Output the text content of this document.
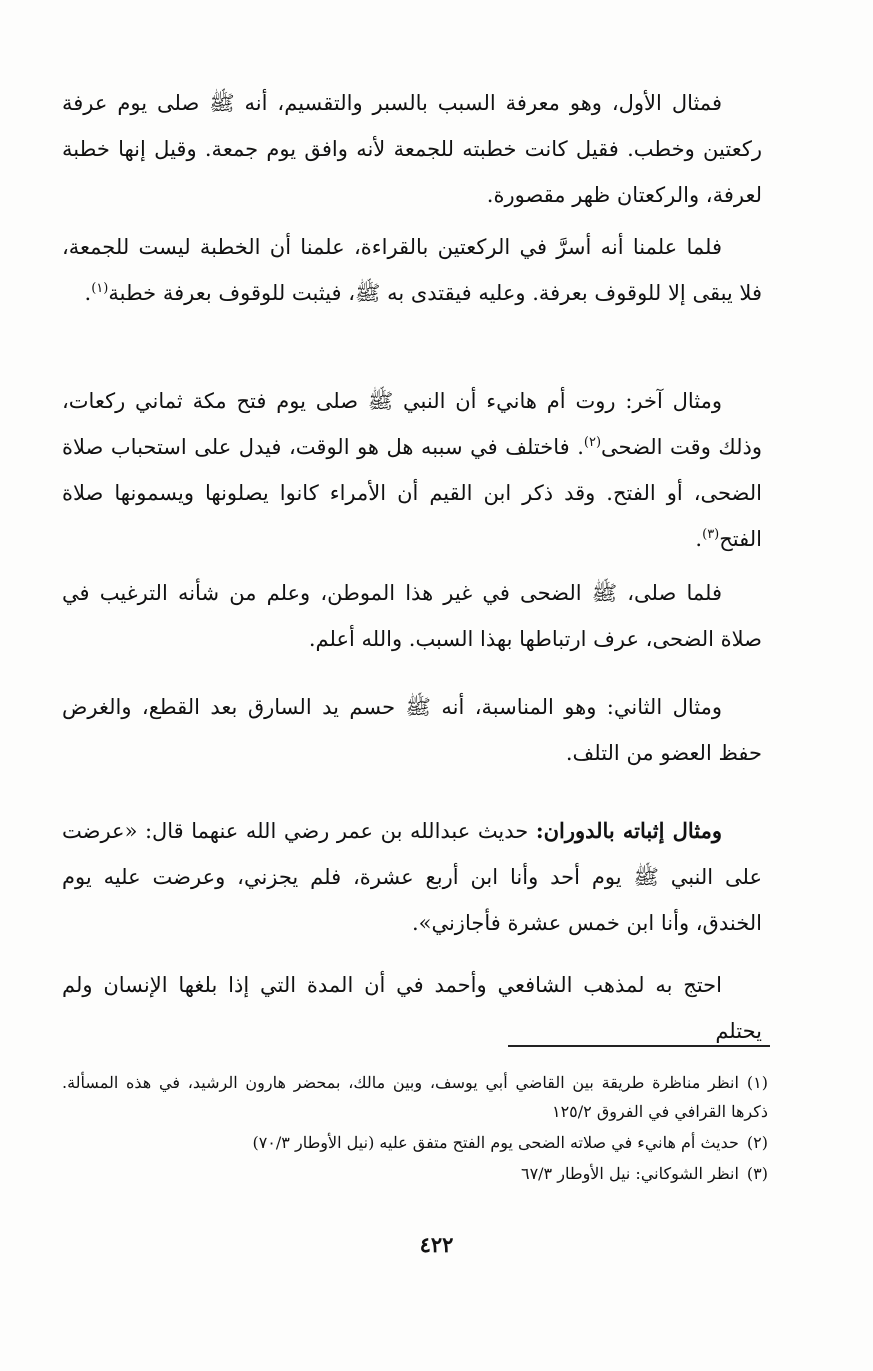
فمثال الأول، وهو معرفة السبب بالسبر والتقسيم، أنه ﷺ صلى يوم عرفة ركعتين وخطب. فقيل كانت خطبته للجمعة لأنه وافق يوم جمعة. وقيل إنها خطبة لعرفة، والركعتان ظهر مقصورة.

فلما علمنا أنه أسرَّ في الركعتين بالقراءة، علمنا أن الخطبة ليست للجمعة، فلا يبقى إلا للوقوف بعرفة. وعليه فيقتدى به ﷺ، فيثبت للوقوف بعرفة خطبة$^{(١)}$.

ومثال آخر: روت أم هانيء أن النبي ﷺ صلى يوم فتح مكة ثماني ركعات، وذلك وقت الضحى$^{(٢)}$. فاختلف في سببه هل هو الوقت، فيدل على استحباب صلاة الضحى، أو الفتح. وقد ذكر ابن القيم أن الأمراء كانوا يصلونها ويسمونها صلاة الفتح$^{(٣)}$.

فلما صلى، ﷺ الضحى في غير هذا الموطن، وعلم من شأنه الترغيب في صلاة الضحى، عرف ارتباطها بهذا السبب. والله أعلم.

ومثال الثاني: وهو المناسبة، أنه ﷺ حسم يد السارق بعد القطع، والغرض حفظ العضو من التلف.

ومثال إثباته بالدوران: حديث عبدالله بن عمر رضي الله عنهما قال: «عرضت على النبي ﷺ يوم أحد وأنا ابن أربع عشرة، فلم يجزني، وعرضت عليه يوم الخندق، وأنا ابن خمس عشرة فأجازني».

احتج به لمذهب الشافعي وأحمد في أن المدة التي إذا بلغها الإنسان ولم يحتلم

(١)انظر مناظرة طريقة بين القاضي أبي يوسف، وبين مالك، بمحضر هارون الرشيد، في هذه المسألة. ذكرها القرافي في الفروق ١٢٥/٢

(٢)حديث أم هانيء في صلاته الضحى يوم الفتح متفق عليه (نيل الأوطار ٧٠/٣)

(٣)انظر الشوكاني: نيل الأوطار ٦٧/٣

٤٢٢
